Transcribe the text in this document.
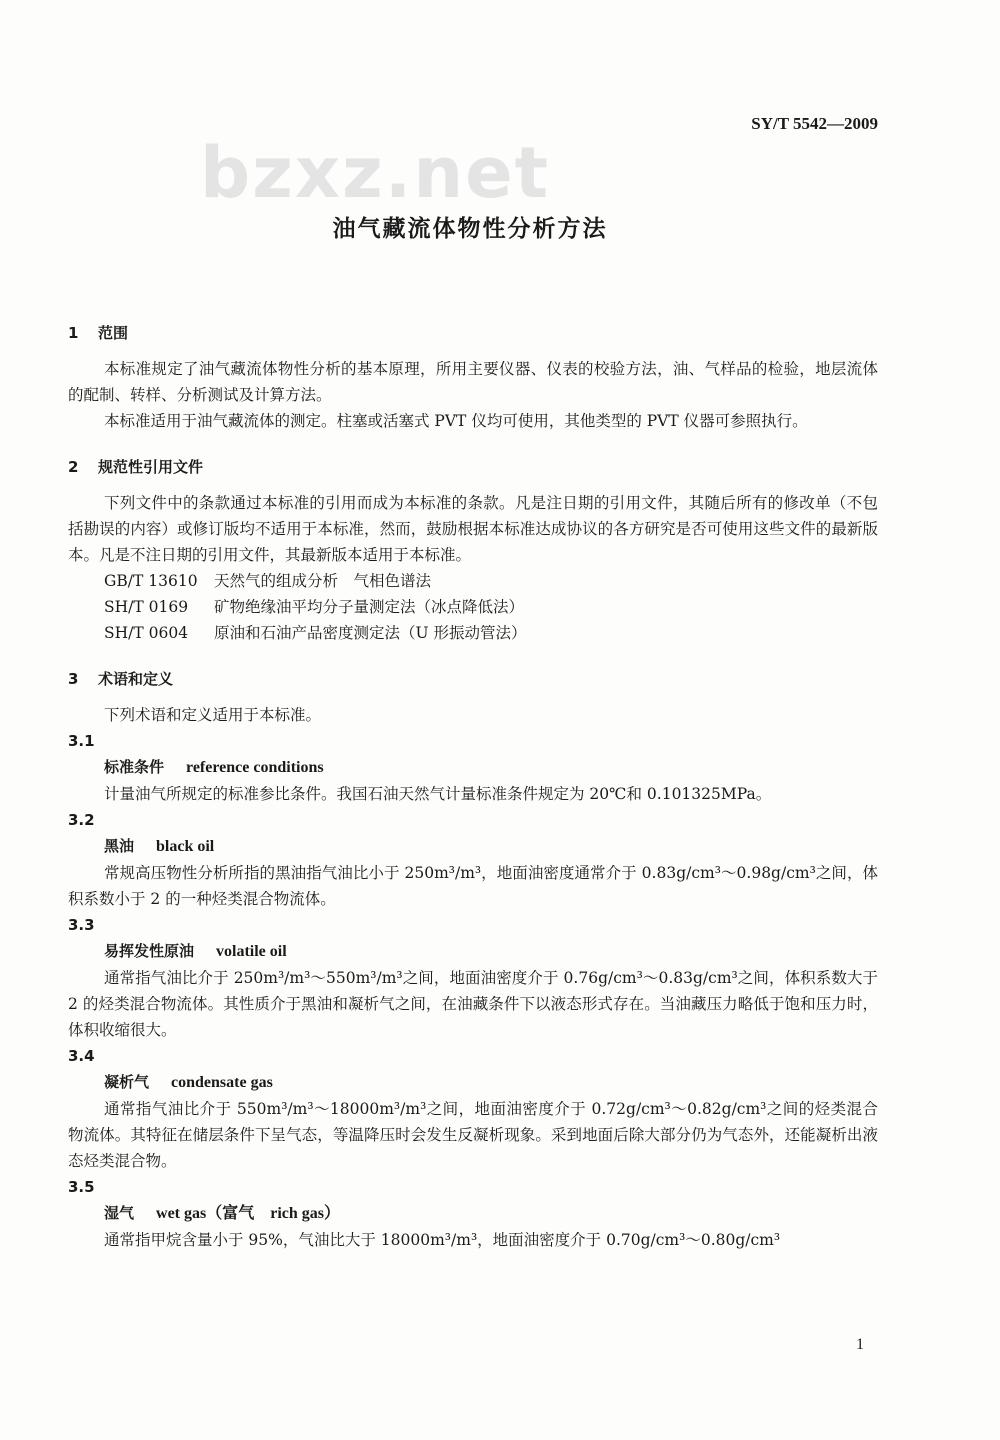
bzxz.net
SY/T 5542—2009
油气藏流体物性分析方法
1 范围

本标准规定了油气藏流体物性分析的基本原理，所用主要仪器、仪表的校验方法，油、气样品的检验，地层流体的配制、转样、分析测试及计算方法。

本标准适用于油气藏流体的测定。柱塞或活塞式 PVT 仪均可使用，其他类型的 PVT 仪器可参照执行。

2 规范性引用文件

下列文件中的条款通过本标准的引用而成为本标准的条款。凡是注日期的引用文件，其随后所有的修改单（不包括勘误的内容）或修订版均不适用于本标准，然而，鼓励根据本标准达成协议的各方研究是否可使用这些文件的最新版本。凡是不注日期的引用文件，其最新版本适用于本标准。

GB/T 13610 天然气的组成分析　气相色谱法
SH/T 0169 矿物绝缘油平均分子量测定法（冰点降低法）
SH/T 0604 原油和石油产品密度测定法（U 形振动管法）
3 术语和定义

下列术语和定义适用于本标准。

3.1
标准条件 reference conditions

计量油气所规定的标准参比条件。我国石油天然气计量标准条件规定为 20℃和 0.101325MPa。

3.2
黑油 black oil

常规高压物性分析所指的黑油指气油比小于 250m³/m³，地面油密度通常介于 0.83g/cm³～0.98g/cm³之间，体积系数小于 2 的一种烃类混合物流体。

3.3
易挥发性原油 volatile oil

通常指气油比介于 250m³/m³～550m³/m³之间，地面油密度介于 0.76g/cm³～0.83g/cm³之间，体积系数大于 2 的烃类混合物流体。其性质介于黑油和凝析气之间，在油藏条件下以液态形式存在。当油藏压力略低于饱和压力时，体积收缩很大。

3.4
凝析气 condensate gas

通常指气油比介于 550m³/m³～18000m³/m³之间，地面油密度介于 0.72g/cm³～0.82g/cm³之间的烃类混合物流体。其特征在储层条件下呈气态，等温降压时会发生反凝析现象。采到地面后除大部分仍为气态外，还能凝析出液态烃类混合物。

3.5
湿气 wet gas（富气　rich gas）

通常指甲烷含量小于 95%，气油比大于 18000m³/m³，地面油密度介于 0.70g/cm³～0.80g/cm³

1
